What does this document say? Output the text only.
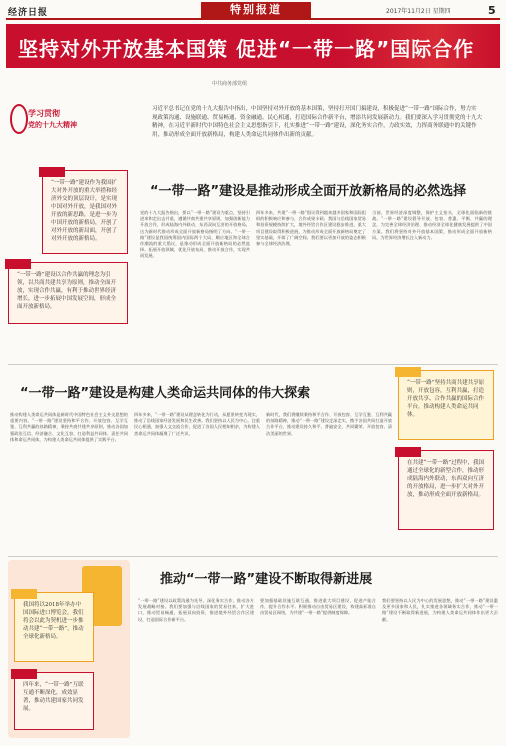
经济日报	特别报道	2017年11月2日 星期四	5
坚持对外开放基本国策 促进“一带一路”国际合作
中共商务部党组
学习贯彻
党的十九大精神
习近平总书记在党的十九大报告中指出，中国坚持对外开放的基本国策，坚持打开国门搞建设，积极促进“一带一路”国际合作，努力实现政策沟通、设施联通、贸易畅通、资金融通、民心相通，打造国际合作新平台，增添共同发展新动力。我们要深入学习贯彻党的十九大精神，在习近平新时代中国特色社会主义思想指引下，扎实推进“一带一路”建设，深化务实合作，力政实效，力挥商务联通中的关键作用，推动形成全面开放新格局，构建人类命运共同体作出新的贡献。
“一带一路”建设是推动形成全面开放新格局的必然选择
“一带一路”建设作为我国扩大对外开放的重大举措和经济外交的顶层设计，是实现中国对外开放，是我国对外开放的新思路，是进一步为中国开放的新格局，开创了对外开放的新局面，开创了对外开放的新格局。
“一带一路”建设以合作共赢的理念为引领，以共商共建共享为原则，推动全面开放，实现合作共赢，有利于推动世界经济增长，进一步拓展中国发展空间，形成全面开放新格局。
党的十九大报告指出，要以“一带一路”建设为重点，坚持引进来和走出去并重，遵循共商共建共享原则，加强创新能力开放合作，形成陆海内外联动、东西双向互济的开放格局。这为新时代推动形成全面开放新格局指明了方向。“一带一路”建设是我国统筹国内国际两个大局、顺应地区和全球合作潮流的重大倡议，是推动形成全面开放新格局的必然选择。拓展开放领域，优化开放布局，推动开放合作，实现共同发展。
四年多来，共建“一带一路”倡议得到越来越多国家和国际组织的积极响应和参与，合作成果丰硕。我国与沿线国家贸易和投资规模持续扩大，境外经贸合作区建设稳步推进，重大项目建设取得积极进展，为推动形成全面开放新格局奠定了坚实基础，开辟了广阔空间。我们要以更加开放的姿态积极参与全球经济治理。
当前，世界经济深度调整，保护主义抬头，全球化面临新的挑战。“一带一路”建设倡导开放、包容、普惠、平衡、共赢的理念，为完善全球经济治理、推动经济全球化健康发展提供了中国方案。我们将坚持对外开放基本国策，推动形成全面开放新格局，为世界经济增长注入新动力。
“一带一路”建设是构建人类命运共同体的伟大探索
“一带一路”坚持共商共建共享原则，开放包容，互利共赢，打造开放共享、合作共赢的国际合作平台，推动构建人类命运共同体。
在共建“一带一路”过程中，我国通过全球化的新型合作，推动形成陆海内外联动，东西双向互济的开放格局，进一步扩大对外开放，推动形成全面开放新格局。
推动构建人类命运共同体是新时代中国特色社会主义外交思想的重要内容。“一带一路”建设坚持和平合作、开放包容、互学互鉴、互利共赢的丝路精神，秉持共商共建共享原则，推动各国加强政治互信、经济融合、文化互容，打造利益共同体、责任共同体和命运共同体，为构建人类命运共同体提供了实践平台。
四年多来，“一带一路”建设从理念转化为行动，从愿景转变为现实，推动了沿线国家经济发展和民生改善。我们坚持以人民为中心，注重民心相通，加强人文交流合作，促进了各国人民相知相亲，为构建人类命运共同体凝聚了广泛共识。
新时代，我们将继续秉持和平合作、开放包容、互学互鉴、互利共赢的丝路精神，推动“一带一路”建设走深走实，携手各国共同打造开放合作平台，推动建设持久和平、普遍安全、共同繁荣、开放包容、清洁美丽的世界。
推动“一带一路”建设不断取得新进展
我国将以2018年举办中国国际进口博览会，我们将会以此为契机进一步推动共建“一带一路”，推动全球化新格局。
四年来，“一带一路”互联互通不断深化，成效显著，推动共建国家共同发展。
“一带一路”建设以政策沟通为先导，深化务实合作，推动各方发展战略对接。我们要加强与沿线国家的贸易往来，扩大进口，推动贸易畅通，拓展双向投资，推进境外经贸合作区建设，打造国际合作新平台。
要加强基础设施互联互通，推进重大项目建设，促进产能合作，提升合作水平。积极推动自由贸易区建设，构建高标准自由贸易区网络，为共建“一带一路”提供制度保障。
我们要坚持以人民为中心的发展思想，推动“一带一路”建设惠及更多国家和人民，扎实推进各领域务实合作，推动“一带一路”建设不断取得新进展，为构建人类命运共同体作出更大贡献。
